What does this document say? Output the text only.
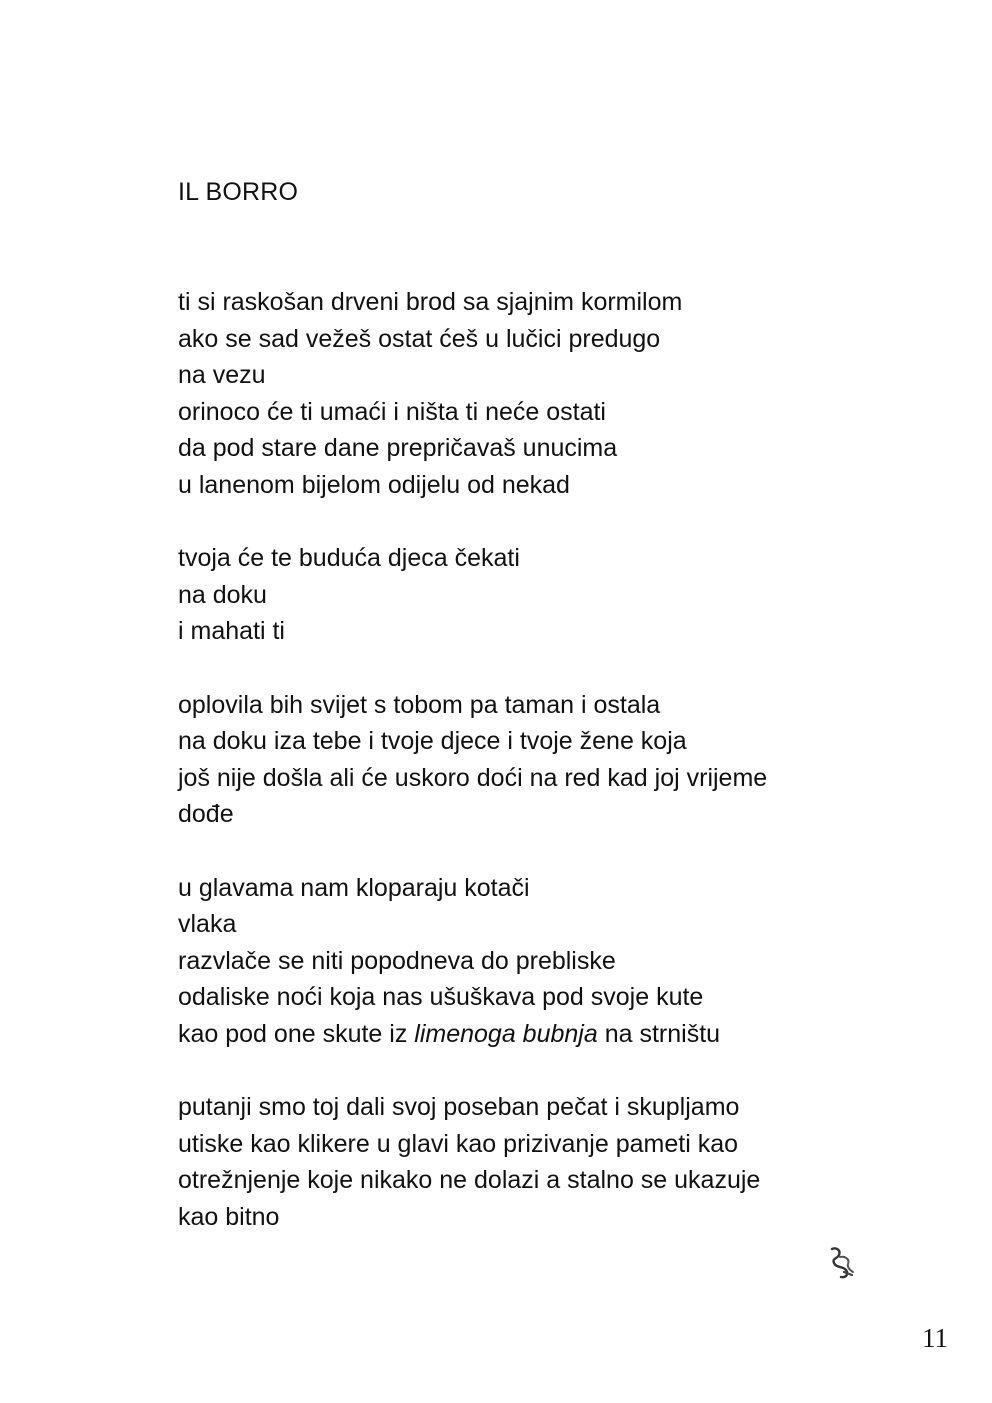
IL BORRO

ti si raskošan drveni brod sa sjajnim kormilom
ako se sad vežeš ostat ćeš u lučici predugo
na vezu
orinoco će ti umaći i ništa ti neće ostati
da pod stare dane prepričavaš unucima
u lanenom bijelom odijelu od nekad

tvoja će te buduća djeca čekati
na doku
i mahati ti

oplovila bih svijet s tobom pa taman i ostala
na doku iza tebe i tvoje djece i tvoje žene koja
još nije došla ali će uskoro doći na red kad joj vrijeme
dođe

u glavama nam kloparaju kotači
vlaka
razvlače se niti popodneva do prebliske
odaliske noći koja nas ušuškava pod svoje kute
kao pod one skute iz limenoga bubnja na strništu

putanji smo toj dali svoj poseban pečat i skupljamo
utiske kao klikere u glavi kao prizivanje pameti kao
otrežnjenje koje nikako ne dolazi a stalno se ukazuje
kao bitno

11
